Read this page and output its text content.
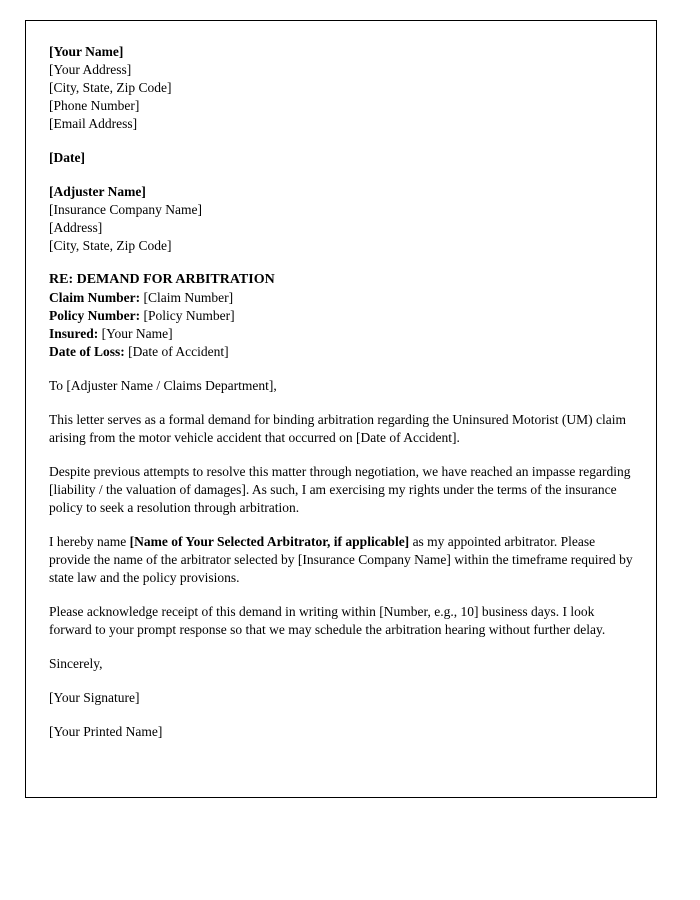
[Your Name]
[Your Address]
[City, State, Zip Code]
[Phone Number]
[Email Address]
[Date]
[Adjuster Name]
[Insurance Company Name]
[Address]
[City, State, Zip Code]
RE: DEMAND FOR ARBITRATION
Claim Number: [Claim Number]
Policy Number: [Policy Number]
Insured: [Your Name]
Date of Loss: [Date of Accident]
To [Adjuster Name / Claims Department],
This letter serves as a formal demand for binding arbitration regarding the Uninsured Motorist (UM) claim arising from the motor vehicle accident that occurred on [Date of Accident].
Despite previous attempts to resolve this matter through negotiation, we have reached an impasse regarding [liability / the valuation of damages]. As such, I am exercising my rights under the terms of the insurance policy to seek a resolution through arbitration.
I hereby name [Name of Your Selected Arbitrator, if applicable] as my appointed arbitrator. Please provide the name of the arbitrator selected by [Insurance Company Name] within the timeframe required by state law and the policy provisions.
Please acknowledge receipt of this demand in writing within [Number, e.g., 10] business days. I look forward to your prompt response so that we may schedule the arbitration hearing without further delay.
Sincerely,
[Your Signature]
[Your Printed Name]
